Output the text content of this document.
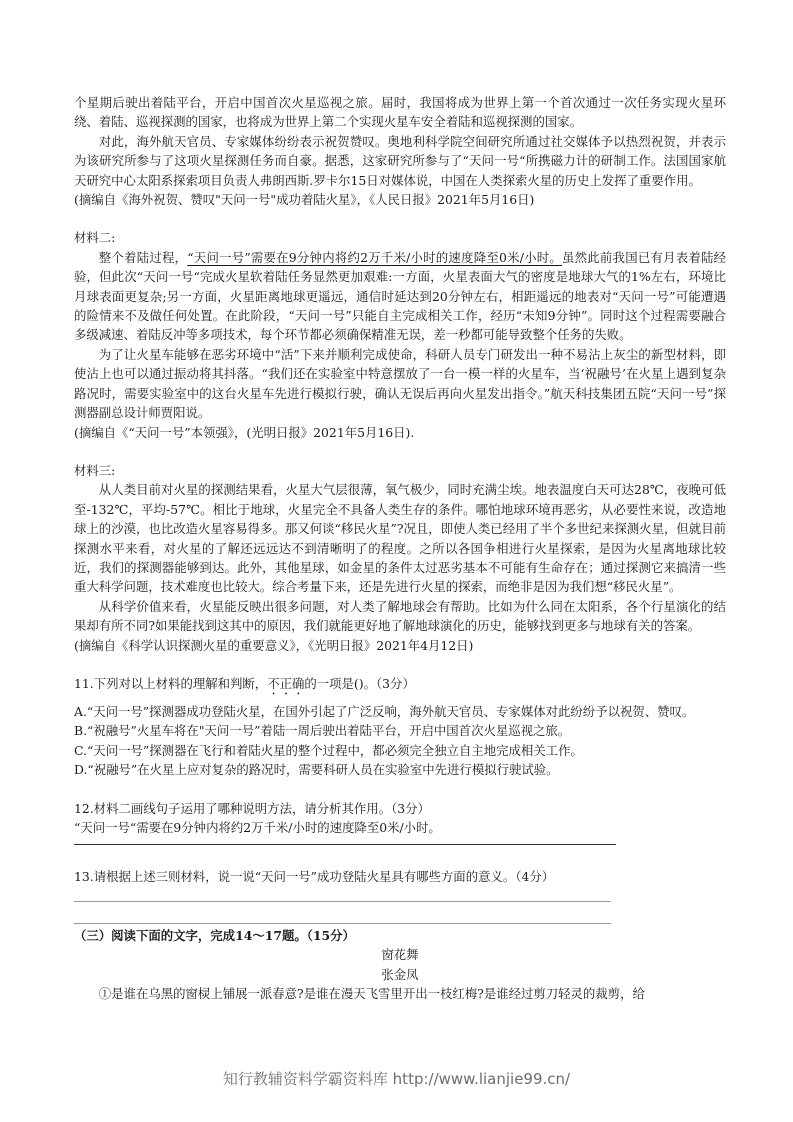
个星期后驶出着陆平台，开启中国首次火星巡视之旅。届时，我国将成为世界上第一个首次通过一次任务实现火星环绕、着陆、巡视探测的国家，也将成为世界上第二个实现火星车安全着陆和巡视探测的国家。

对此，海外航天官员、专家媒体纷纷表示祝贺赞叹。奥地利科学院空间研究所通过社交媒体予以热烈祝贺，并表示为该研究所参与了这项火星探测任务而自豪。据悉，这家研究所参与了“天问一号“所携磁力计的研制工作。法国国家航天研究中心太阳系探索项目负责人弗朗西斯.罗卡尔15日对媒体说，中国在人类探索火星的历史上发挥了重要作用。

(摘编自《海外祝贺、赞叹"天问一号"成功着陆火星》，《人民日报》2021年5月16日)

材料二:

整个着陆过程，“天问一号”需要在9分钟内将约2万千米/小时的速度降至0米/小时。虽然此前我国已有月表着陆经验，但此次“天问一号“完成火星软着陆任务显然更加艰难:一方面，火星表面大气的密度是地球大气的1%左右，环境比月球表面更复杂;另一方面，火星距离地球更遥远，通信时延达到20分钟左右，相距遥远的地表对“天问一号”可能遭遇的险情来不及做任何处置。在此阶段，“天问一号”只能自主完成相关工作，经历“未知9分钟”。同时这个过程需要融合多级减速、着陆反冲等多项技术，每个环节都必须确保精准无误，差一秒都可能导致整个任务的失败。

为了让火星车能够在恶劣环境中“活”下来并顺利完成使命，科研人员专门研发出一种不易沾上灰尘的新型材料，即使沾上也可以通过振动将其抖落。“我们还在实验室中特意摆放了一台一模一样的火星车，当‘祝融号’在火星上遇到复杂路况时，需要实验室中的这台火星车先进行模拟行驶，确认无误后再向火星发出指令。”航天科技集团五院“天问一号”探测器副总设计师贾阳说。

(摘编自《“天问一号”本领强》，(光明日报》2021年5月16日).

材料三:

从人类目前对火星的探测结果看，火星大气层很薄，氧气极少，同时充满尘埃。地表温度白天可达28℃，夜晚可低至-132℃，平均-57℃。相比于地球，火星完全不具备人类生存的条件。哪怕地球环境再恶劣，从必要性来说，改造地球上的沙漠，也比改造火星容易得多。那又何谈“移民火星”?况且，即使人类已经用了半个多世纪来探测火星，但就目前探测水平来看，对火星的了解还远远达不到清晰明了的程度。之所以各国争相进行火星探索，是因为火星离地球比较近，我们的探测器能够到达。此外，其他星球，如金星的条件太过恶劣基本不可能有生命存在；通过探测它来搞清一些重大科学问题，技术难度也比较大。综合考量下来，还是先进行火星的探索，而绝非是因为我们想“移民火星”。

从科学价值来看，火星能反映出很多问题，对人类了解地球会有帮助。比如为什么同在太阳系，各个行星演化的结果却有所不同?如果能找到这其中的原因，我们就能更好地了解地球演化的历史，能够找到更多与地球有关的答案。

(摘编自《科学认识探测火星的重要意义》，《光明日报》2021年4月12日)

11.下列对以上材料的理解和判断，不正确的一项是()。（3分）

A.“天问一号”探测器成功登陆火星，在国外引起了广泛反响，海外航天官员、专家媒体对此纷纷予以祝贺、赞叹。

B.“祝融号”火星车将在"天问一号”着陆一周后驶出着陆平台，开启中国首次火星巡视之旅。

C.“天问一号”探测器在飞行和着陆火星的整个过程中，都必须完全独立自主地完成相关工作。

D.“祝融号”在火星上应对复杂的路况时，需要科研人员在实验室中先进行模拟行驶试验。

12.材料二画线句子运用了哪种说明方法，请分析其作用。（3分）

“天问一号“需要在9分钟内将约2万千米/小时的速度降至0米/小时。

13.请根据上述三则材料，说一说“天问一号”成功登陆火星具有哪些方面的意义。（4分）

（三）阅读下面的文字，完成14～17题。（15分）

窗花舞

张金凤

①是谁在乌黑的窗棂上铺展一派春意?是谁在漫天飞雪里开出一枝红梅?是谁经过剪刀轻灵的裁剪，给

知行教辅资料学霸资料库 http://www.lianjie99.cn/
